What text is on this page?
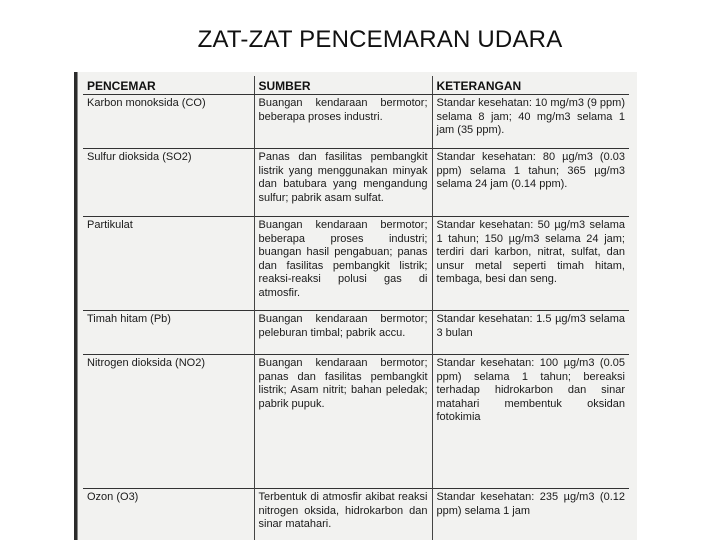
ZAT-ZAT PENCEMARAN UDARA
PENCEMAR	SUMBER	KETERANGAN
Karbon monoksida (CO)	Buangan kendaraan bermotor; beberapa proses industri.	Standar kesehatan: 10 mg/m3 (9 ppm) selama 8 jam; 40 mg/m3 selama 1 jam (35 ppm).
Sulfur dioksida (SO2)	Panas dan fasilitas pembangkit listrik yang menggunakan minyak dan batubara yang mengandung sulfur; pabrik asam sulfat.	Standar kesehatan: 80 µg/m3 (0.03 ppm) selama 1 tahun; 365 µg/m3 selama 24 jam (0.14 ppm).
Partikulat	Buangan kendaraan bermotor; beberapa proses industri; buangan hasil pengabuan; panas dan fasilitas pembangkit listrik; reaksi-reaksi polusi gas di atmosfir.	Standar kesehatan: 50 µg/m3 selama 1 tahun; 150 µg/m3 selama 24 jam; terdiri dari karbon, nitrat, sulfat, dan unsur metal seperti timah hitam, tembaga, besi dan seng.
Timah hitam (Pb)	Buangan kendaraan bermotor; peleburan timbal; pabrik accu.	Standar kesehatan: 1.5 µg/m3 selama 3 bulan
Nitrogen dioksida (NO2)	Buangan kendaraan bermotor; panas dan fasilitas pembangkit listrik; Asam nitrit; bahan peledak; pabrik pupuk.	Standar kesehatan: 100 µg/m3 (0.05 ppm) selama 1 tahun; bereaksi terhadap hidrokarbon dan sinar matahari membentuk oksidan fotokimia
Ozon (O3)	Terbentuk di atmosfir akibat reaksi nitrogen oksida, hidrokarbon dan sinar matahari.	Standar kesehatan: 235 µg/m3 (0.12 ppm) selama 1 jam
